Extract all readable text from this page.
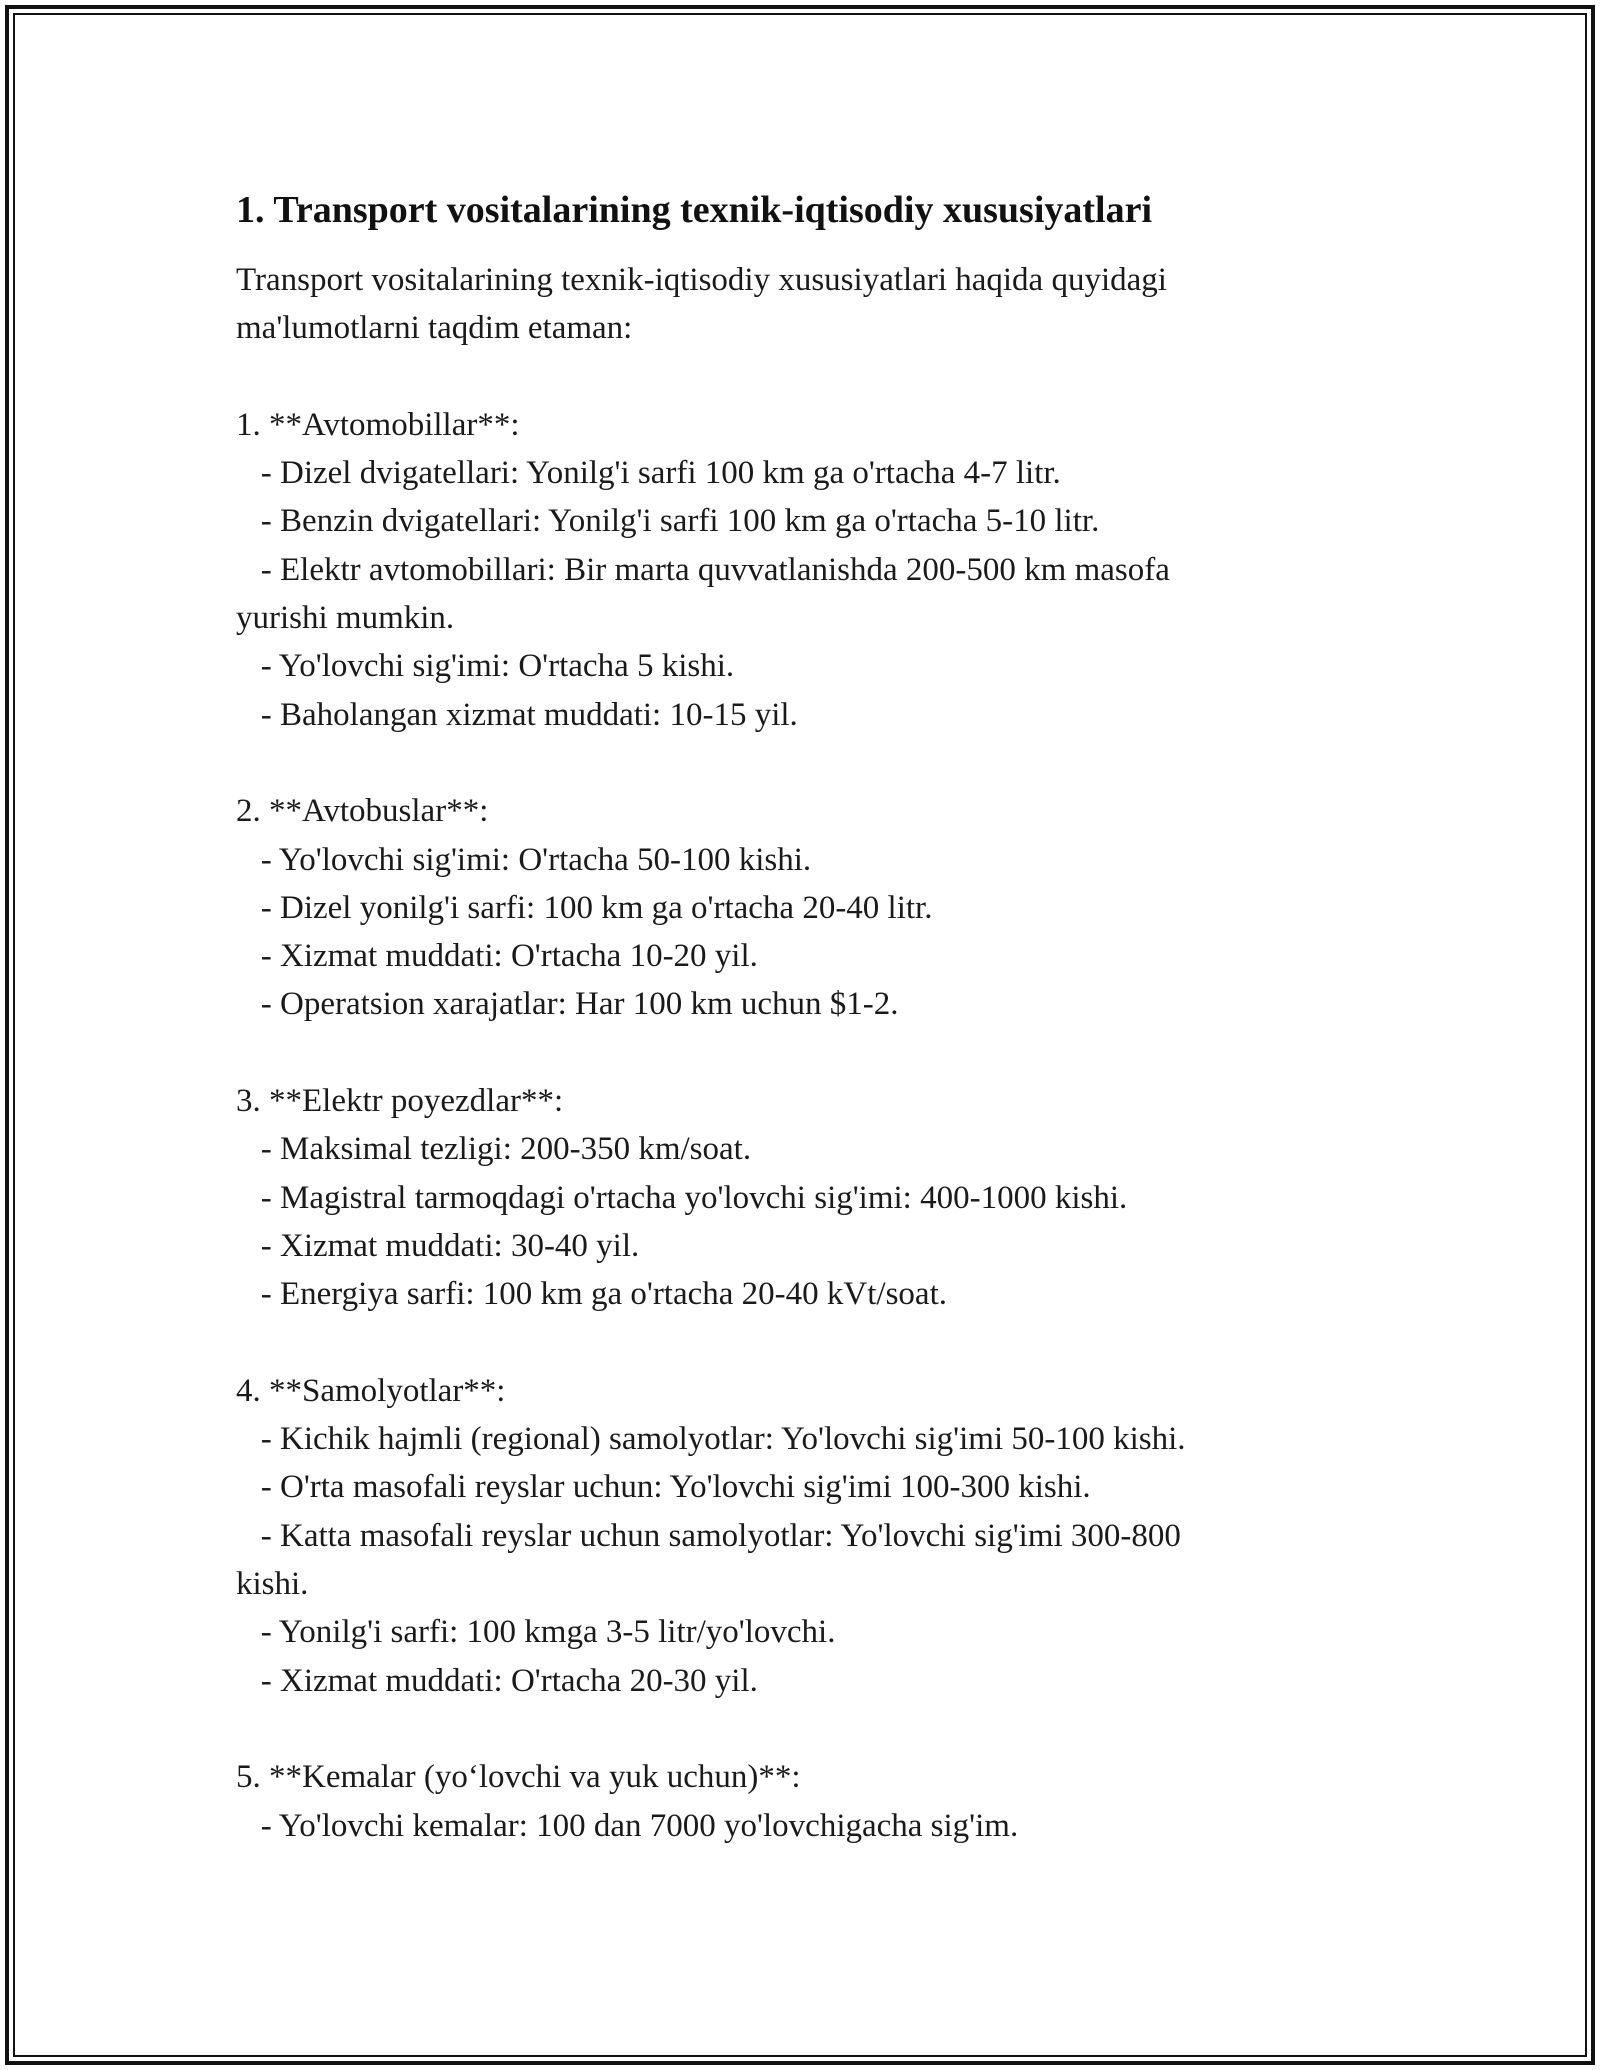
1. Transport vositalarining texnik-iqtisodiy xususiyatlari

Transport vositalarining texnik-iqtisodiy xususiyatlari haqida quyidagi

ma'lumotlarni taqdim etaman:

1. **Avtomobillar**:

- Dizel dvigatellari: Yonilg'i sarfi 100 km ga o'rtacha 4-7 litr.

- Benzin dvigatellari: Yonilg'i sarfi 100 km ga o'rtacha 5-10 litr.

- Elektr avtomobillari: Bir marta quvvatlanishda 200-500 km masofa

yurishi mumkin.

- Yo'lovchi sig'imi: O'rtacha 5 kishi.

- Baholangan xizmat muddati: 10-15 yil.

2. **Avtobuslar**:

- Yo'lovchi sig'imi: O'rtacha 50-100 kishi.

- Dizel yonilg'i sarfi: 100 km ga o'rtacha 20-40 litr.

- Xizmat muddati: O'rtacha 10-20 yil.

- Operatsion xarajatlar: Har 100 km uchun $1-2.

3. **Elektr poyezdlar**:

- Maksimal tezligi: 200-350 km/soat.

- Magistral tarmoqdagi o'rtacha yo'lovchi sig'imi: 400-1000 kishi.

- Xizmat muddati: 30-40 yil.

- Energiya sarfi: 100 km ga o'rtacha 20-40 kVt/soat.

4. **Samolyotlar**:

- Kichik hajmli (regional) samolyotlar: Yo'lovchi sig'imi 50-100 kishi.

- O'rta masofali reyslar uchun: Yo'lovchi sig'imi 100-300 kishi.

- Katta masofali reyslar uchun samolyotlar: Yo'lovchi sig'imi 300-800

kishi.

- Yonilg'i sarfi: 100 kmga 3-5 litr/yo'lovchi.

- Xizmat muddati: O'rtacha 20-30 yil.

5. **Kemalar (yo‘lovchi va yuk uchun)**:

- Yo'lovchi kemalar: 100 dan 7000 yo'lovchigacha sig'im.
